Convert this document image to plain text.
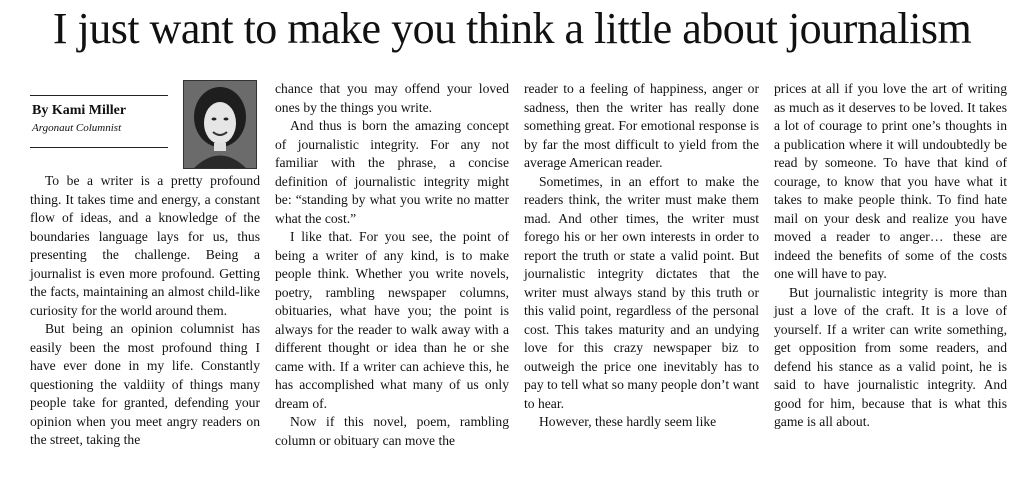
I just want to make you think a little about journalism
By Kami Miller
Argonaut Columnist

To be a writer is a pretty profound thing. It takes time and energy, a constant flow of ideas, and a knowledge of the boundaries language lays for us, thus presenting the challenge. Being a journalist is even more profound. Getting the facts, maintaining an almost child-like curiosity for the world around them.

But being an opinion columnist has easily been the most profound thing I have ever done in my life. Constantly questioning the valdiity of things many people take for granted, defending your opinion when you meet angry readers on the street, taking the

chance that you may offend your loved ones by the things you write.

And thus is born the amazing concept of journalistic integrity. For any not familiar with the phrase, a concise definition of journalistic integrity might be: “standing by what you write no matter what the cost.”

I like that. For you see, the point of being a writer of any kind, is to make people think. Whether you write novels, poetry, rambling newspaper columns, obituaries, what have you; the point is always for the reader to walk away with a different thought or idea than he or she came with. If a writer can achieve this, he has accomplished what many of us only dream of.

Now if this novel, poem, rambling column or obituary can move the

reader to a feeling of happiness, anger or sadness, then the writer has really done something great. For emotional response is by far the most difficult to yield from the average American reader.

Sometimes, in an effort to make the readers think, the writer must make them mad. And other times, the writer must forego his or her own interests in order to report the truth or state a valid point. But journalistic integrity dictates that the writer must always stand by this truth or this valid point, regardless of the personal cost. This takes maturity and an undying love for this crazy newspaper biz to outweigh the price one inevitably has to pay to tell what so many people don’t want to hear.

However, these hardly seem like

prices at all if you love the art of writing as much as it deserves to be loved. It takes a lot of courage to print one’s thoughts in a publication where it will undoubtedly be read by someone. To have that kind of courage, to know that you have what it takes to make people think. To find hate mail on your desk and realize you have moved a reader to anger… these are indeed the benefits of some of the costs one will have to pay.

But journalistic integrity is more than just a love of the craft. It is a love of yourself. If a writer can write something, get opposition from some readers, and defend his stance as a valid point, he is said to have journalistic integrity. And good for him, because that is what this game is all about.
